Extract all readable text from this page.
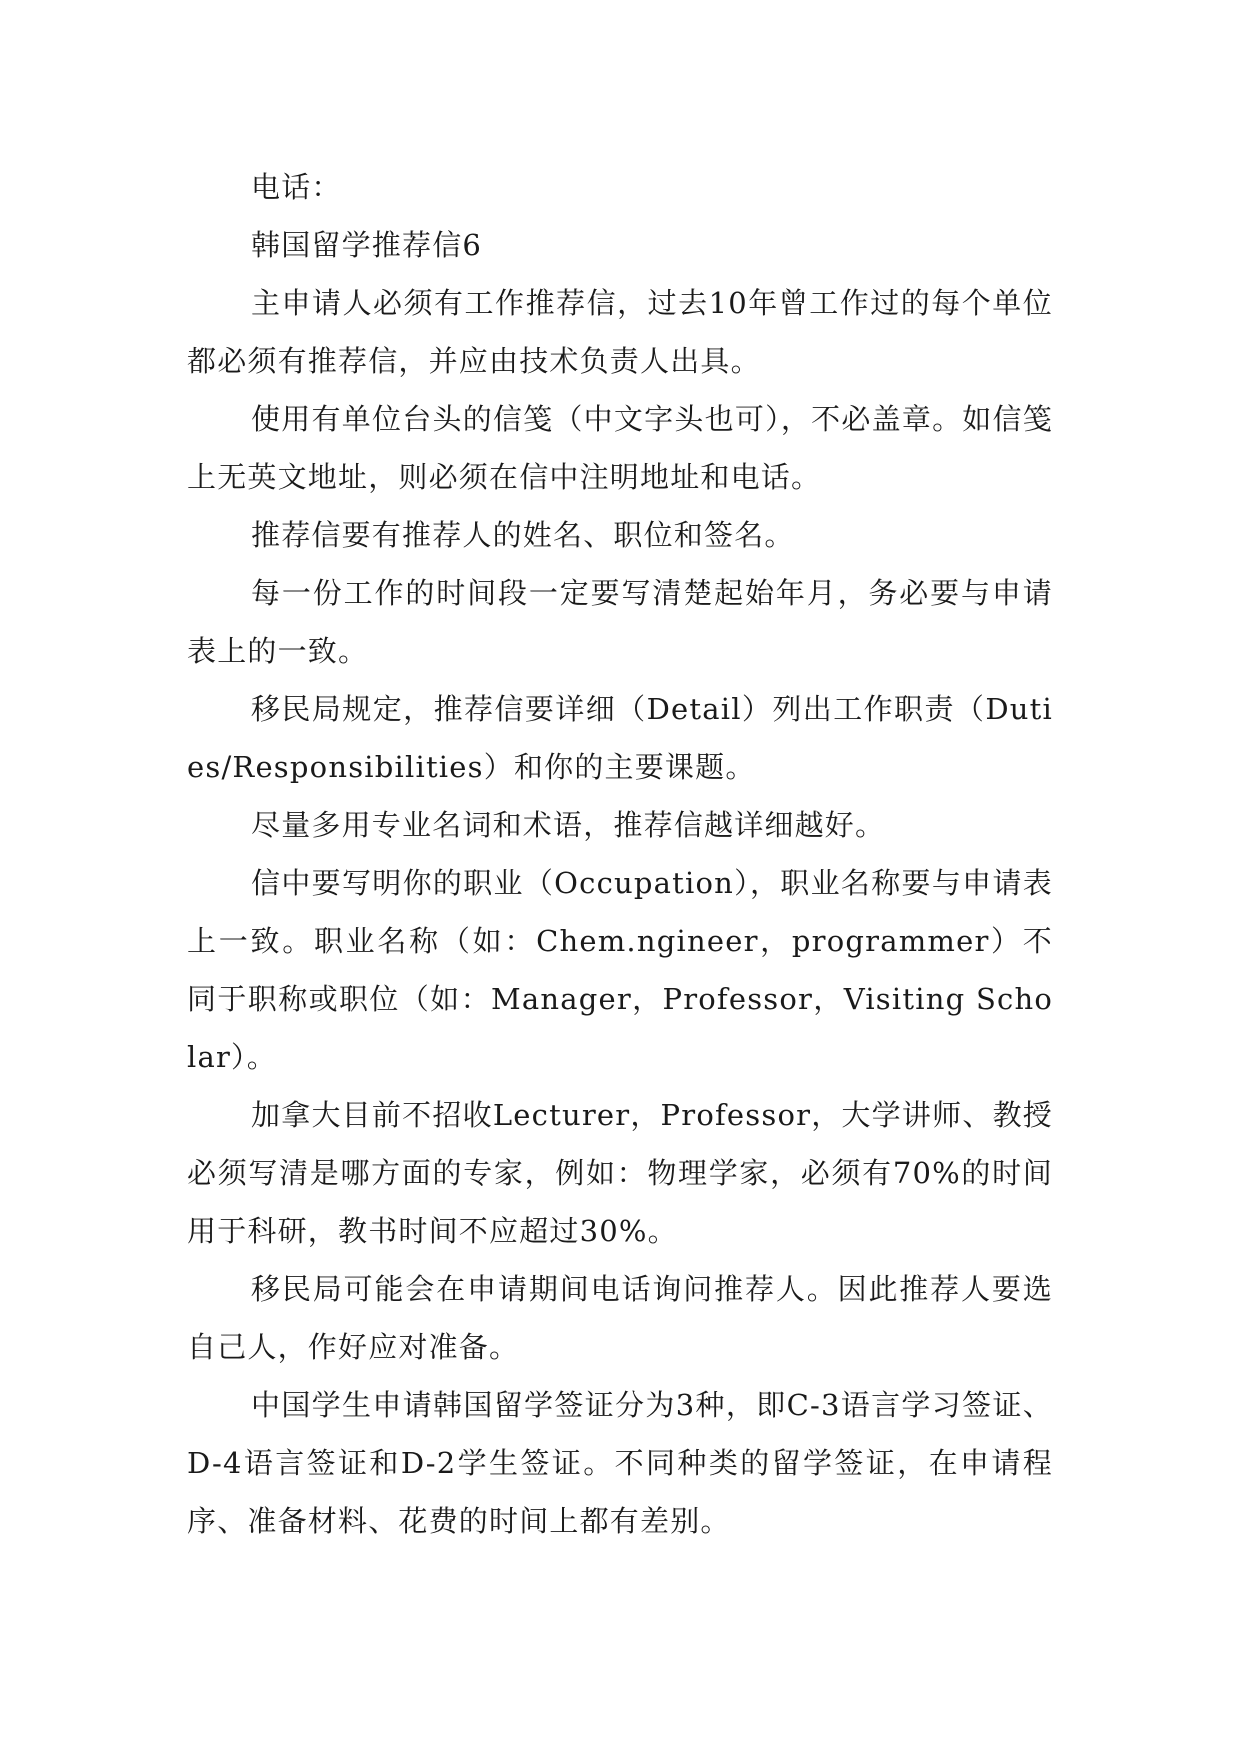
电话：

韩国留学推荐信6

主申请人必须有工作推荐信，过去10年曾工作过的每个单位都必须有推荐信，并应由技术负责人出具。

使用有单位台头的信笺（中文字头也可），不必盖章。如信笺上无英文地址，则必须在信中注明地址和电话。

推荐信要有推荐人的姓名、职位和签名。

每一份工作的时间段一定要写清楚起始年月，务必要与申请表上的一致。

移民局规定，推荐信要详细（Detail）列出工作职责（Duties/Responsibilities）和你的主要课题。

尽量多用专业名词和术语，推荐信越详细越好。

信中要写明你的职业（Occupation），职业名称要与申请表上一致。职业名称（如：Chem.ngineer，programmer）不同于职称或职位（如：Manager，Professor，Visiting Scholar）。

加拿大目前不招收Lecturer，Professor，大学讲师、教授必须写清是哪方面的专家，例如：物理学家，必须有70%的时间用于科研，教书时间不应超过30%。

移民局可能会在申请期间电话询问推荐人。因此推荐人要选自己人，作好应对准备。

中国学生申请韩国留学签证分为3种，即C-3语言学习签证、D-4语言签证和D-2学生签证。不同种类的留学签证，在申请程序、准备材料、花费的时间上都有差别。
